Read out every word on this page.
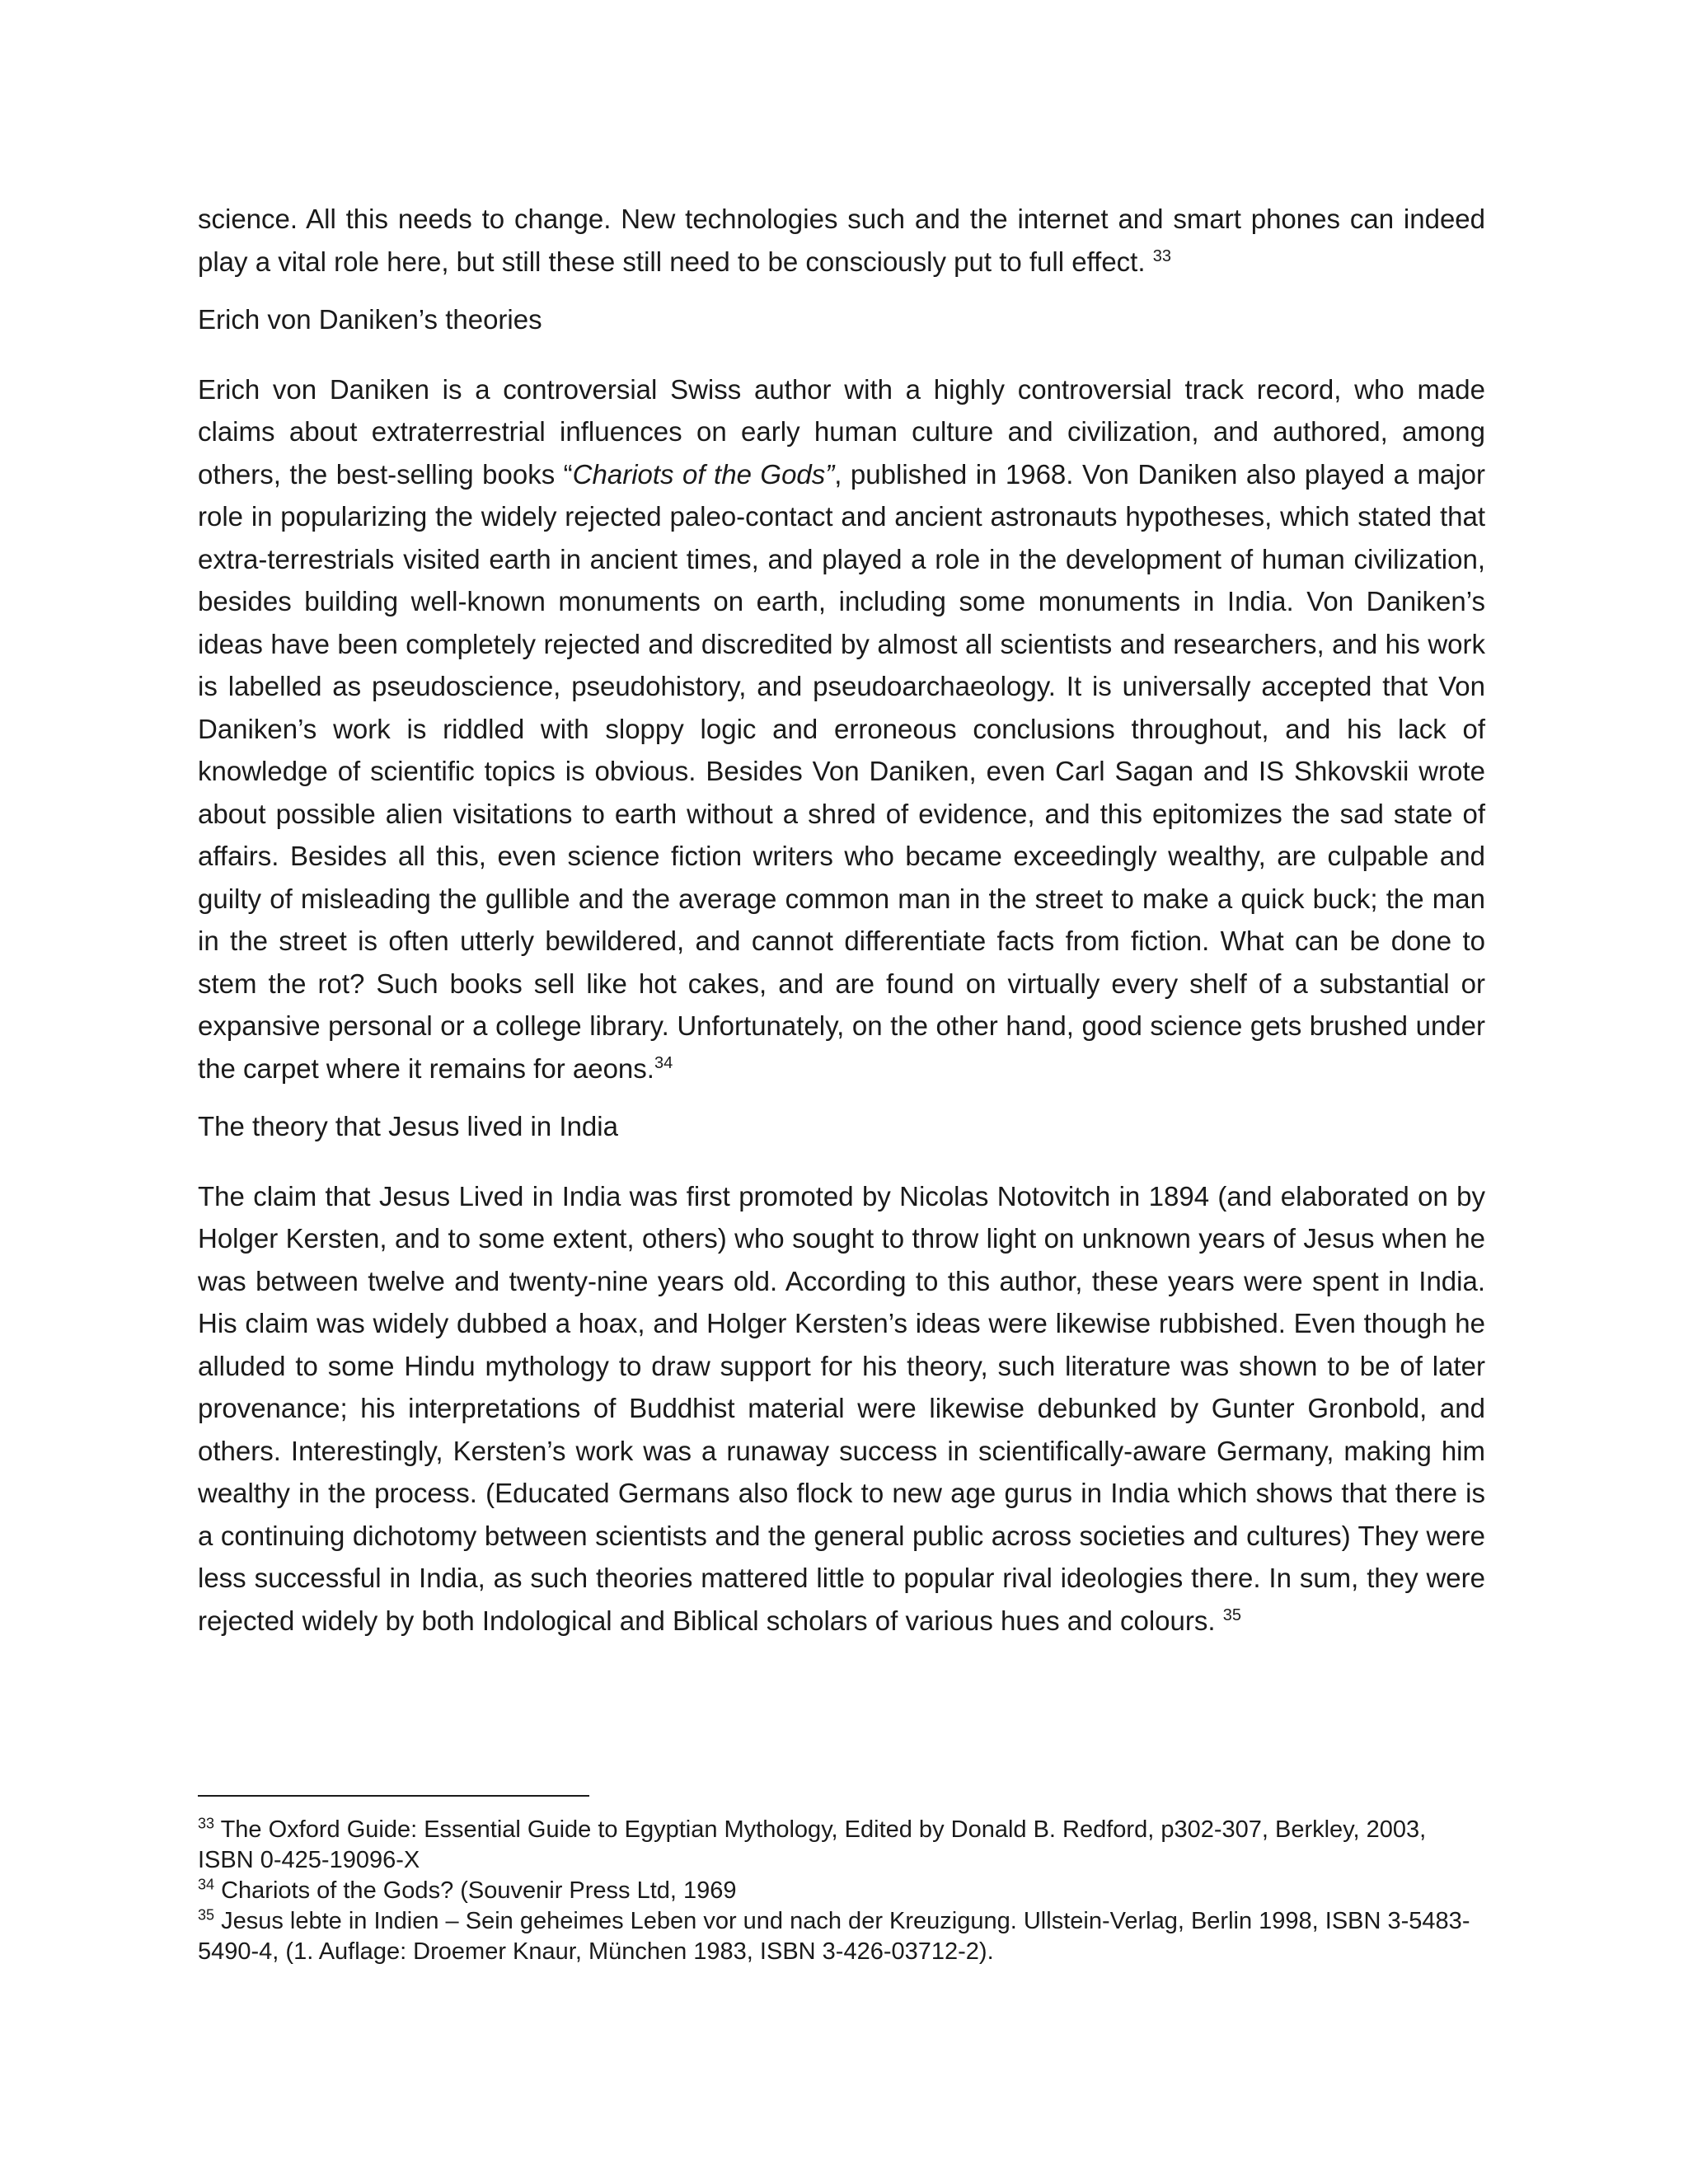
science. All this needs to change. New technologies such and the internet and smart phones can indeed play a vital role here, but still these still need to be consciously put to full effect. $^{33}$

Erich von Daniken’s theories

Erich von Daniken is a controversial Swiss author with a highly controversial track record, who made claims about extraterrestrial influences on early human culture and civilization, and authored, among others, the best-selling books “Chariots of the Gods”, published in 1968. Von Daniken also played a major role in popularizing the widely rejected paleo-contact and ancient astronauts hypotheses, which stated that extra-terrestrials visited earth in ancient times, and played a role in the development of human civilization, besides building well-known monuments on earth, including some monuments in India. Von Daniken’s ideas have been completely rejected and discredited by almost all scientists and researchers, and his work is labelled as pseudoscience, pseudohistory, and pseudoarchaeology. It is universally accepted that Von Daniken’s work is riddled with sloppy logic and erroneous conclusions throughout, and his lack of knowledge of scientific topics is obvious. Besides Von Daniken, even Carl Sagan and IS Shkovskii wrote about possible alien visitations to earth without a shred of evidence, and this epitomizes the sad state of affairs. Besides all this, even science fiction writers who became exceedingly wealthy, are culpable and guilty of misleading the gullible and the average common man in the street to make a quick buck; the man in the street is often utterly bewildered, and cannot differentiate facts from fiction. What can be done to stem the rot? Such books sell like hot cakes, and are found on virtually every shelf of a substantial or expansive personal or a college library. Unfortunately, on the other hand, good science gets brushed under the carpet where it remains for aeons.$^{34}$

The theory that Jesus lived in India

The claim that Jesus Lived in India was first promoted by Nicolas Notovitch in 1894 (and elaborated on by Holger Kersten, and to some extent, others) who sought to throw light on unknown years of Jesus when he was between twelve and twenty-nine years old. According to this author, these years were spent in India. His claim was widely dubbed a hoax, and Holger Kersten’s ideas were likewise rubbished. Even though he alluded to some Hindu mythology to draw support for his theory, such literature was shown to be of later provenance; his interpretations of Buddhist material were likewise debunked by Gunter Gronbold, and others. Interestingly, Kersten’s work was a runaway success in scientifically-aware Germany, making him wealthy in the process. (Educated Germans also flock to new age gurus in India which shows that there is a continuing dichotomy between scientists and the general public across societies and cultures) They were less successful in India, as such theories mattered little to popular rival ideologies there. In sum, they were rejected widely by both Indological and Biblical scholars of various hues and colours. $^{35}$

$^{33}$ The Oxford Guide: Essential Guide to Egyptian Mythology, Edited by Donald B. Redford, p302-307, Berkley, 2003, ISBN 0-425-19096-X

$^{34}$ Chariots of the Gods? (Souvenir Press Ltd, 1969

$^{35}$ Jesus lebte in Indien – Sein geheimes Leben vor und nach der Kreuzigung. Ullstein-Verlag, Berlin 1998, ISBN 3-5483-5490-4, (1. Auflage: Droemer Knaur, München 1983, ISBN 3-426-03712-2).
